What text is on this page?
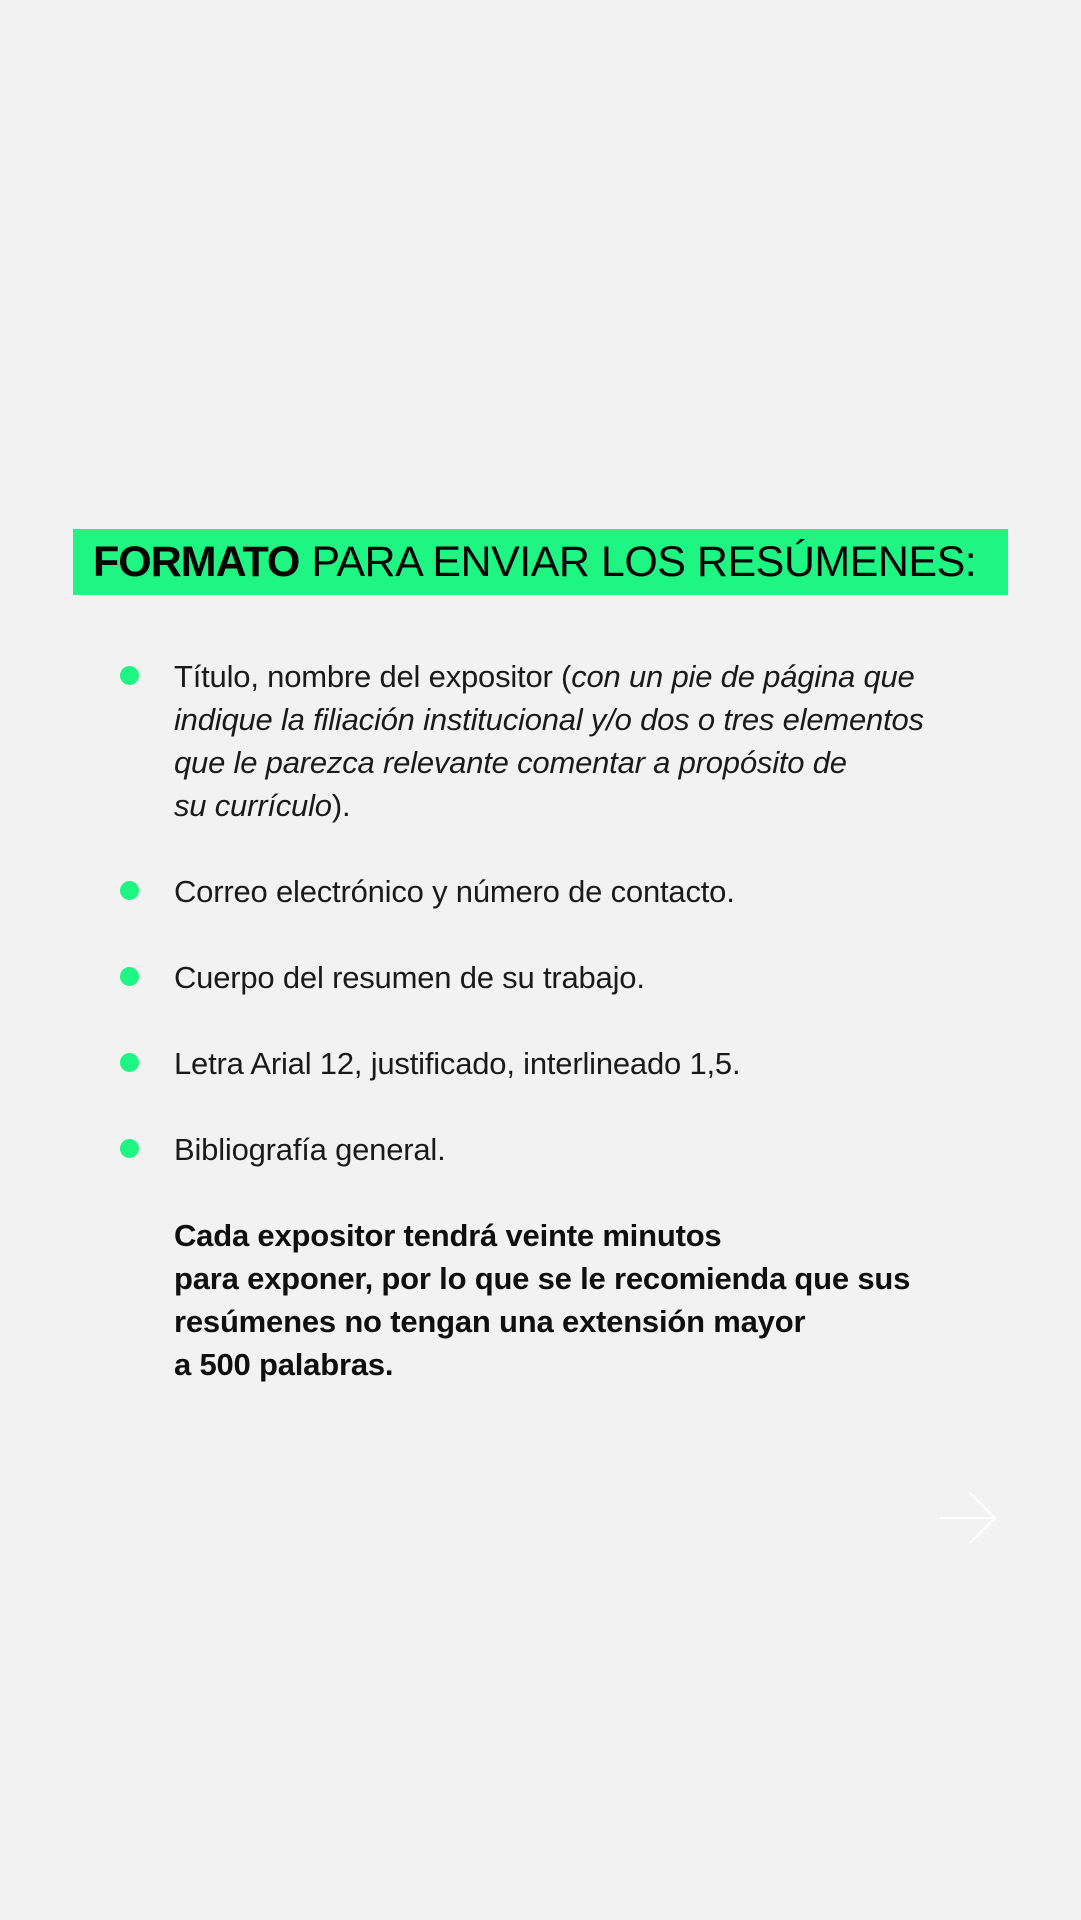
FORMATO PARA ENVIAR LOS RESÚMENES:
Título, nombre del expositor (con un pie de página que
indique la filiación institucional y/o dos o tres elementos
que le parezca relevante comentar a propósito de
su currículo).
Correo electrónico y número de contacto.
Cuerpo del resumen de su trabajo.
Letra Arial 12, justificado, interlineado 1,5.
Bibliografía general.
Cada expositor tendrá veinte minutos
para exponer, por lo que se le recomienda que sus
resúmenes no tengan una extensión mayor
a 500 palabras.
